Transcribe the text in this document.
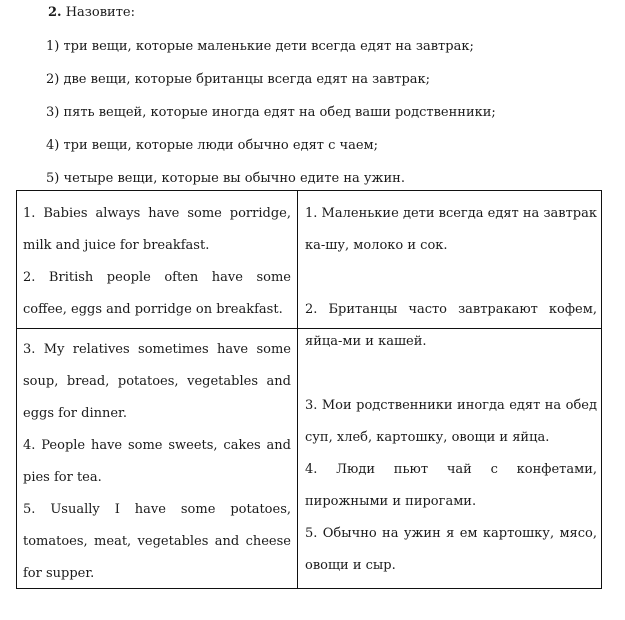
2. Назовите:
1) три вещи, которые маленькие дети всегда едят на завтрак;
2) две вещи, которые британцы всегда едят на завтрак;
3) пять вещей, которые иногда едят на обед ваши родственники;
4) три вещи, которые люди обычно едят с чаем;
5) четыре вещи, которые вы обычно едите на ужин.

1. Babies always have some porridge, milk and juice for breakfast.

2. British people often have some coffee, eggs and porridge on breakfast.

3. My relatives sometimes have some soup, bread, potatoes, vegetables and eggs for dinner.

4. People have some sweets, cakes and pies for tea.

5. Usually I have some potatoes, tomatoes, meat, vegetables and cheese for supper.

1. Маленькие дети всегда едят на завтрак ка-шу, молоко и сок.

2. Британцы часто завтракают кофем, яйца-ми и кашей.

3. Мои родственники иногда едят на обед суп, хлеб, картошку, овощи и яйца.

4. Люди пьют чай с конфетами, пирожными и пирогами.

5. Обычно на ужин я ем картошку, мясо, овощи и сыр.
